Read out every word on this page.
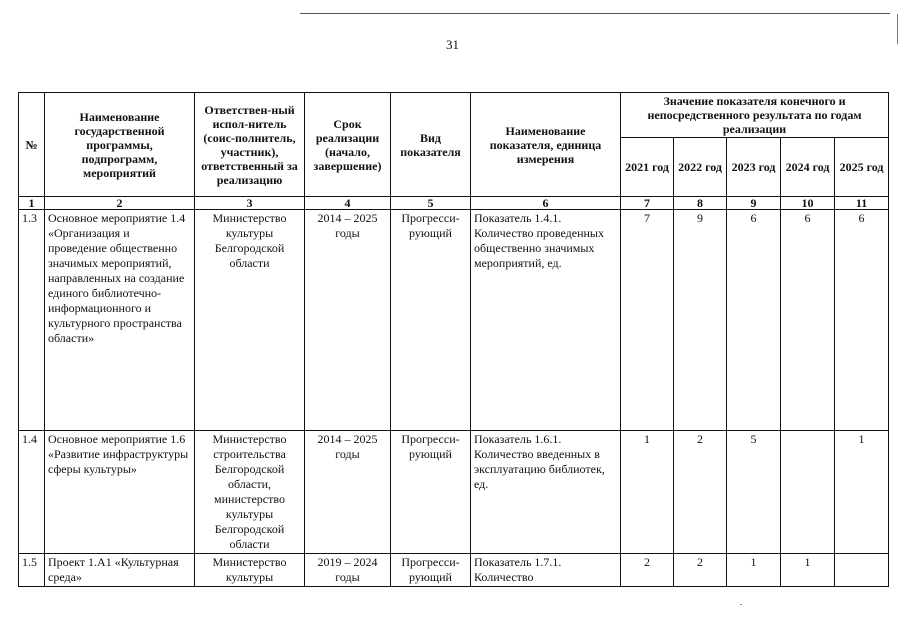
31
№	Наименование государственной программы, подпрограмм, мероприятий	Ответствен-ный испол-нитель (соис-полнитель, участник), ответственный за реализацию	Срок реализации (начало, завершение)	Вид показателя	Наименование показателя, единица измерения	Значение показателя конечного и непосредственного результата по годам реализации				
						2021 год	2022 год	2023 год	2024 год	2025 год
1	2	3	4	5	6	7	8	9	10	11
1.3	Основное мероприятие 1.4 «Организация и проведение общественно значимых мероприятий, направленных на создание единого библиотечно-информационного и культурного пространства области»	Министерство культуры Белгородской области	2014 – 2025 годы	Прогресси-рующий	Показатель 1.4.1. Количество проведенных общественно значимых мероприятий, ед.	7	9	6	6	6
1.4	Основное мероприятие 1.6 «Развитие инфраструктуры сферы культуры»	Министерство строительства Белгородской области, министерство культуры Белгородской области	2014 – 2025 годы	Прогресси-рующий	Показатель 1.6.1. Количество введенных в эксплуатацию библиотек, ед.	1	2	5		1
1.5	Проект 1.А1 «Культурная среда»	Министерство культуры	2019 – 2024 годы	Прогресси-рующий	Показатель 1.7.1. Количество	2	2	1	1	
